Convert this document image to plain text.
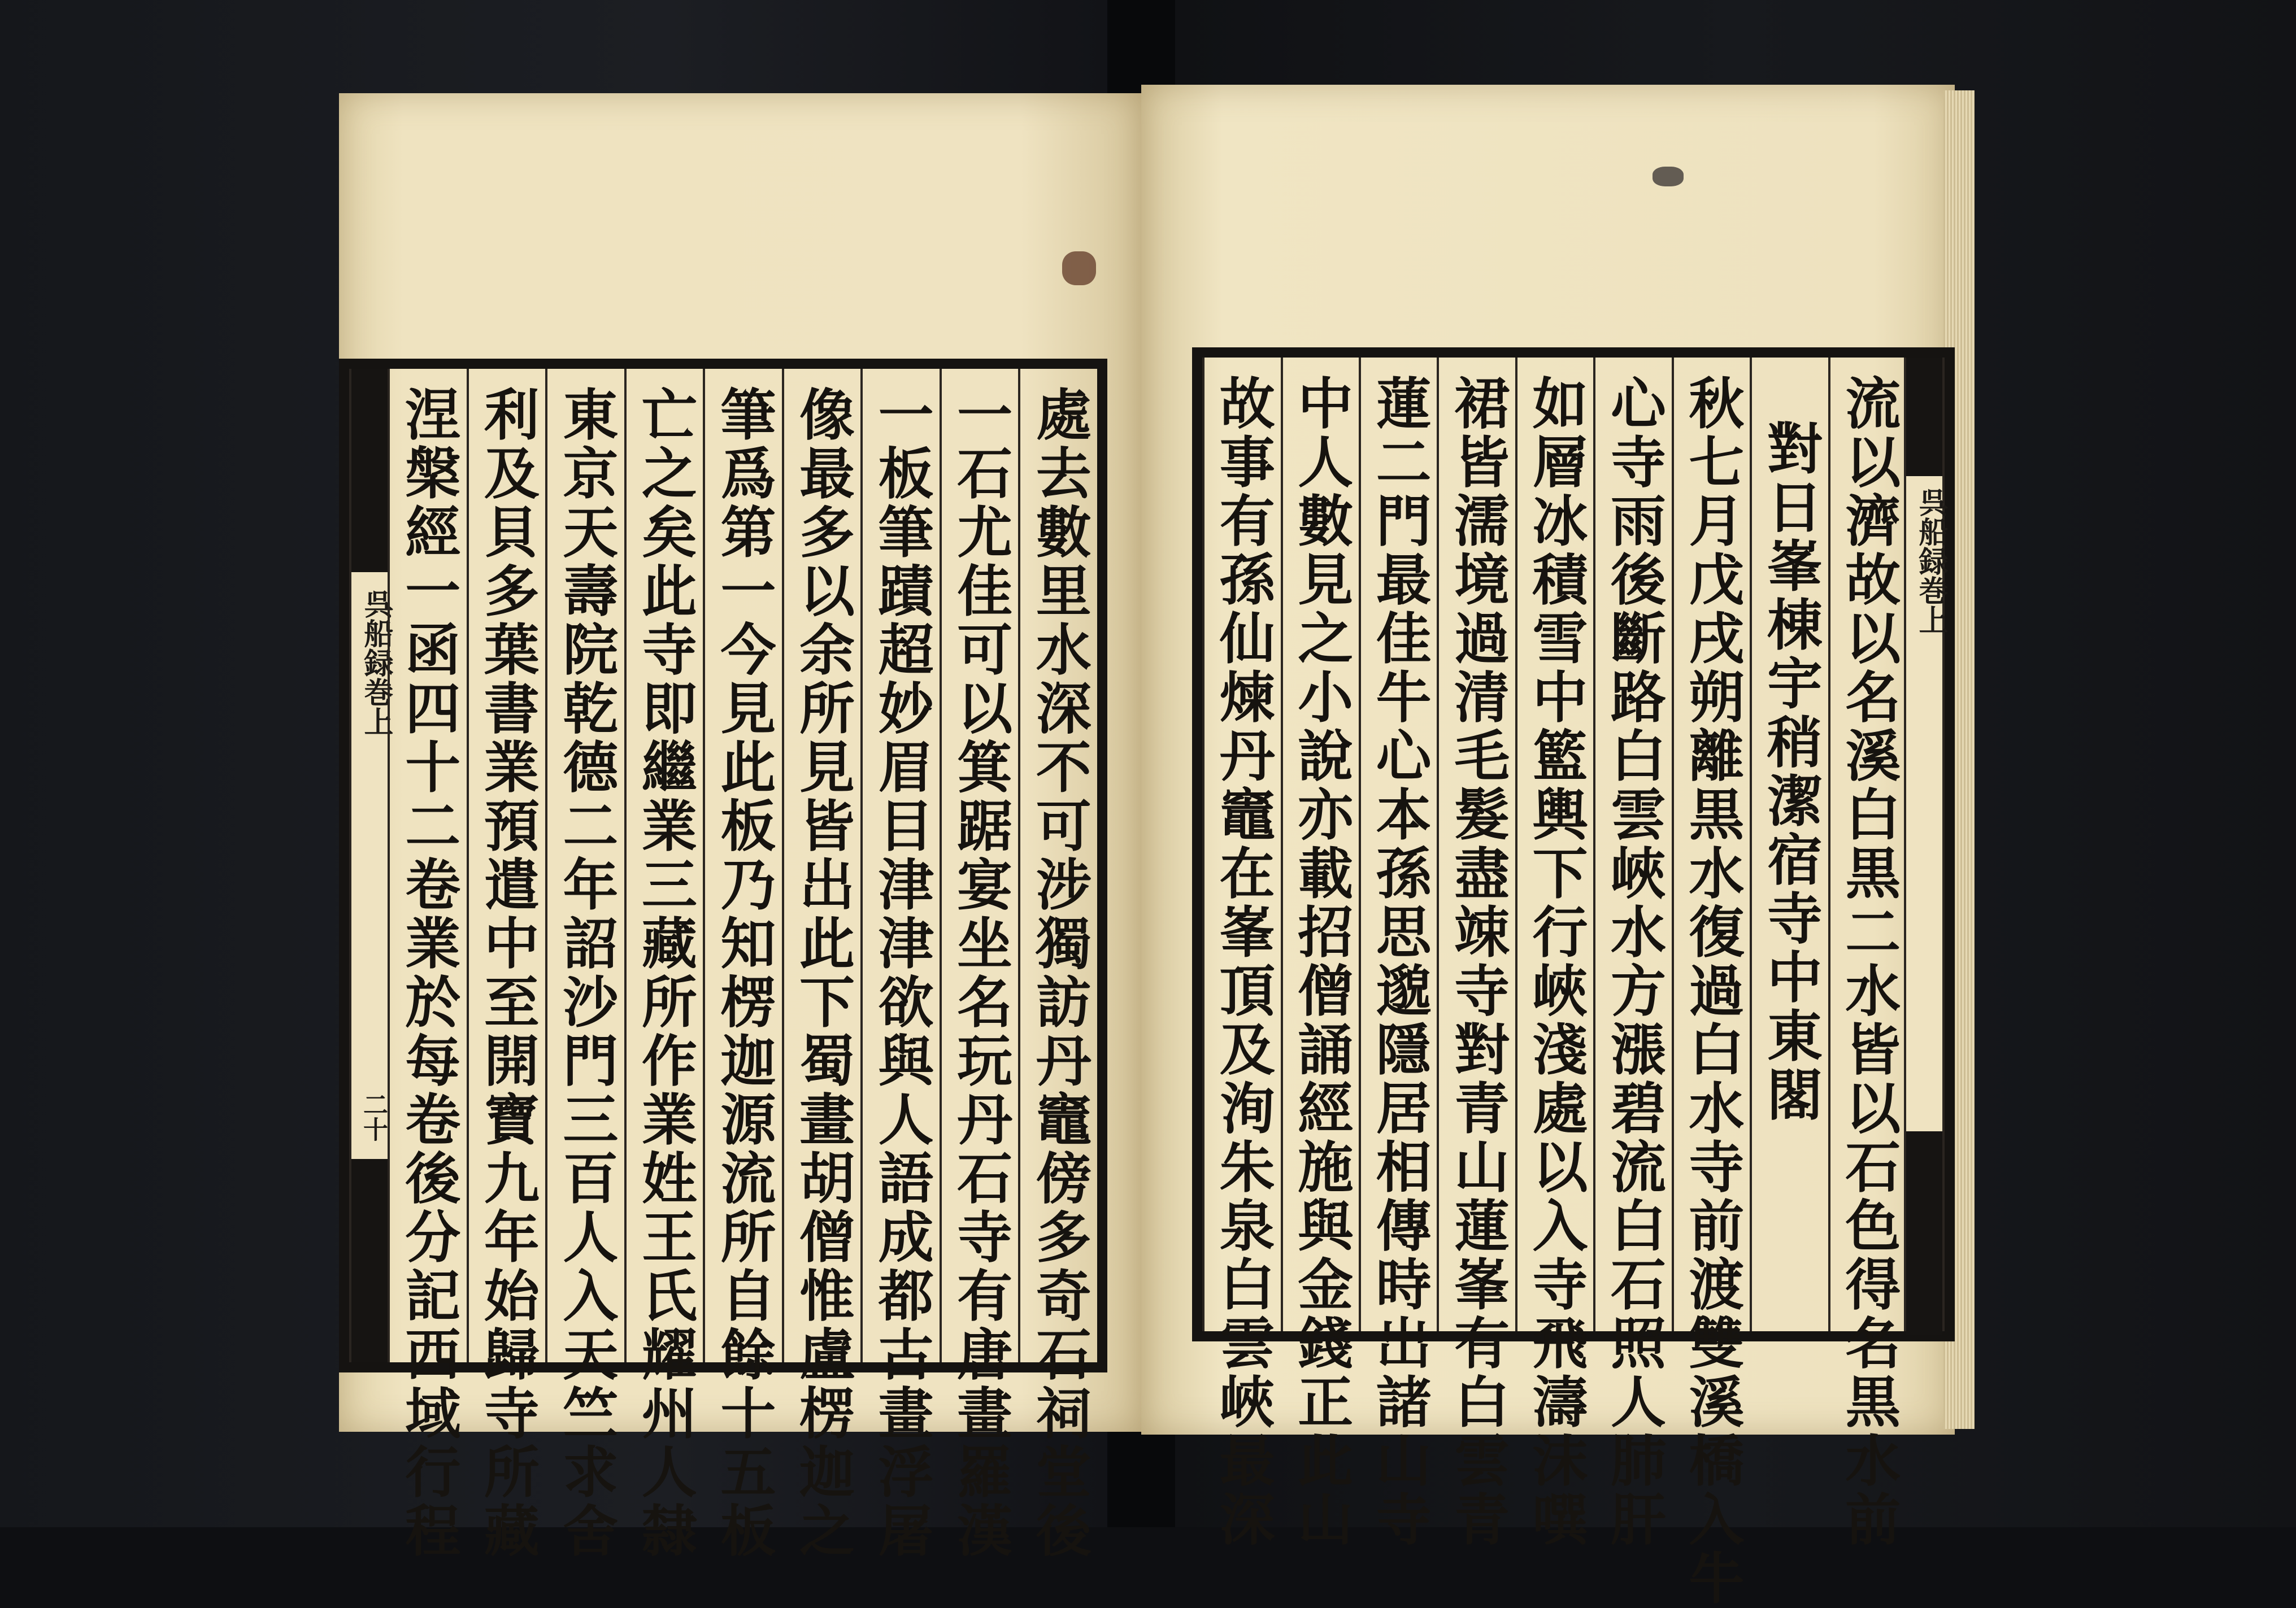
呉船録巻上
二十	處去數里水深不可涉獨訪丹竈傍多奇石祠堂後
一石尤佳可以箕踞宴坐名玩丹石寺有唐畫羅漢
一板筆蹟超妙眉目津津欲與人語成都古畫浮屠
像最多以余所見皆出此下蜀畫胡僧惟盧楞迦之
筆爲第一今見此板乃知楞迦源流所自餘十五板
亡之矣此寺即繼業三藏所作業姓王氏耀州人隸
東京天壽院乾德二年詔沙門三百人入天竺求舍
利及貝多葉書業預遣中至開寶九年始歸寺所藏
涅槃經一函四十二卷業於每卷後分記西域行程	流以濟故以名溪白黒二水皆以石色得名黒水前
對日峯棟宇稍潔宿寺中東閣
秋七月戊戌朔離黒水復過白水寺前渡雙溪橋入牛
心寺雨後斷路白雲峽水方漲碧流白石照人肺肝
如層冰積雪中籃輿下行峽淺處以入寺飛濤沫噀
裙皆濡境過清毛髮盡竦寺對青山蓮峯有白雲青
蓮二門最佳牛心本孫思邈隱居相傳時出諸山寺
中人數見之小說亦載招僧誦經施與金錢正此山
故事有孫仙煉丹竈在峯頂及洵朱泉白雲峽最深	呉船録巻上
